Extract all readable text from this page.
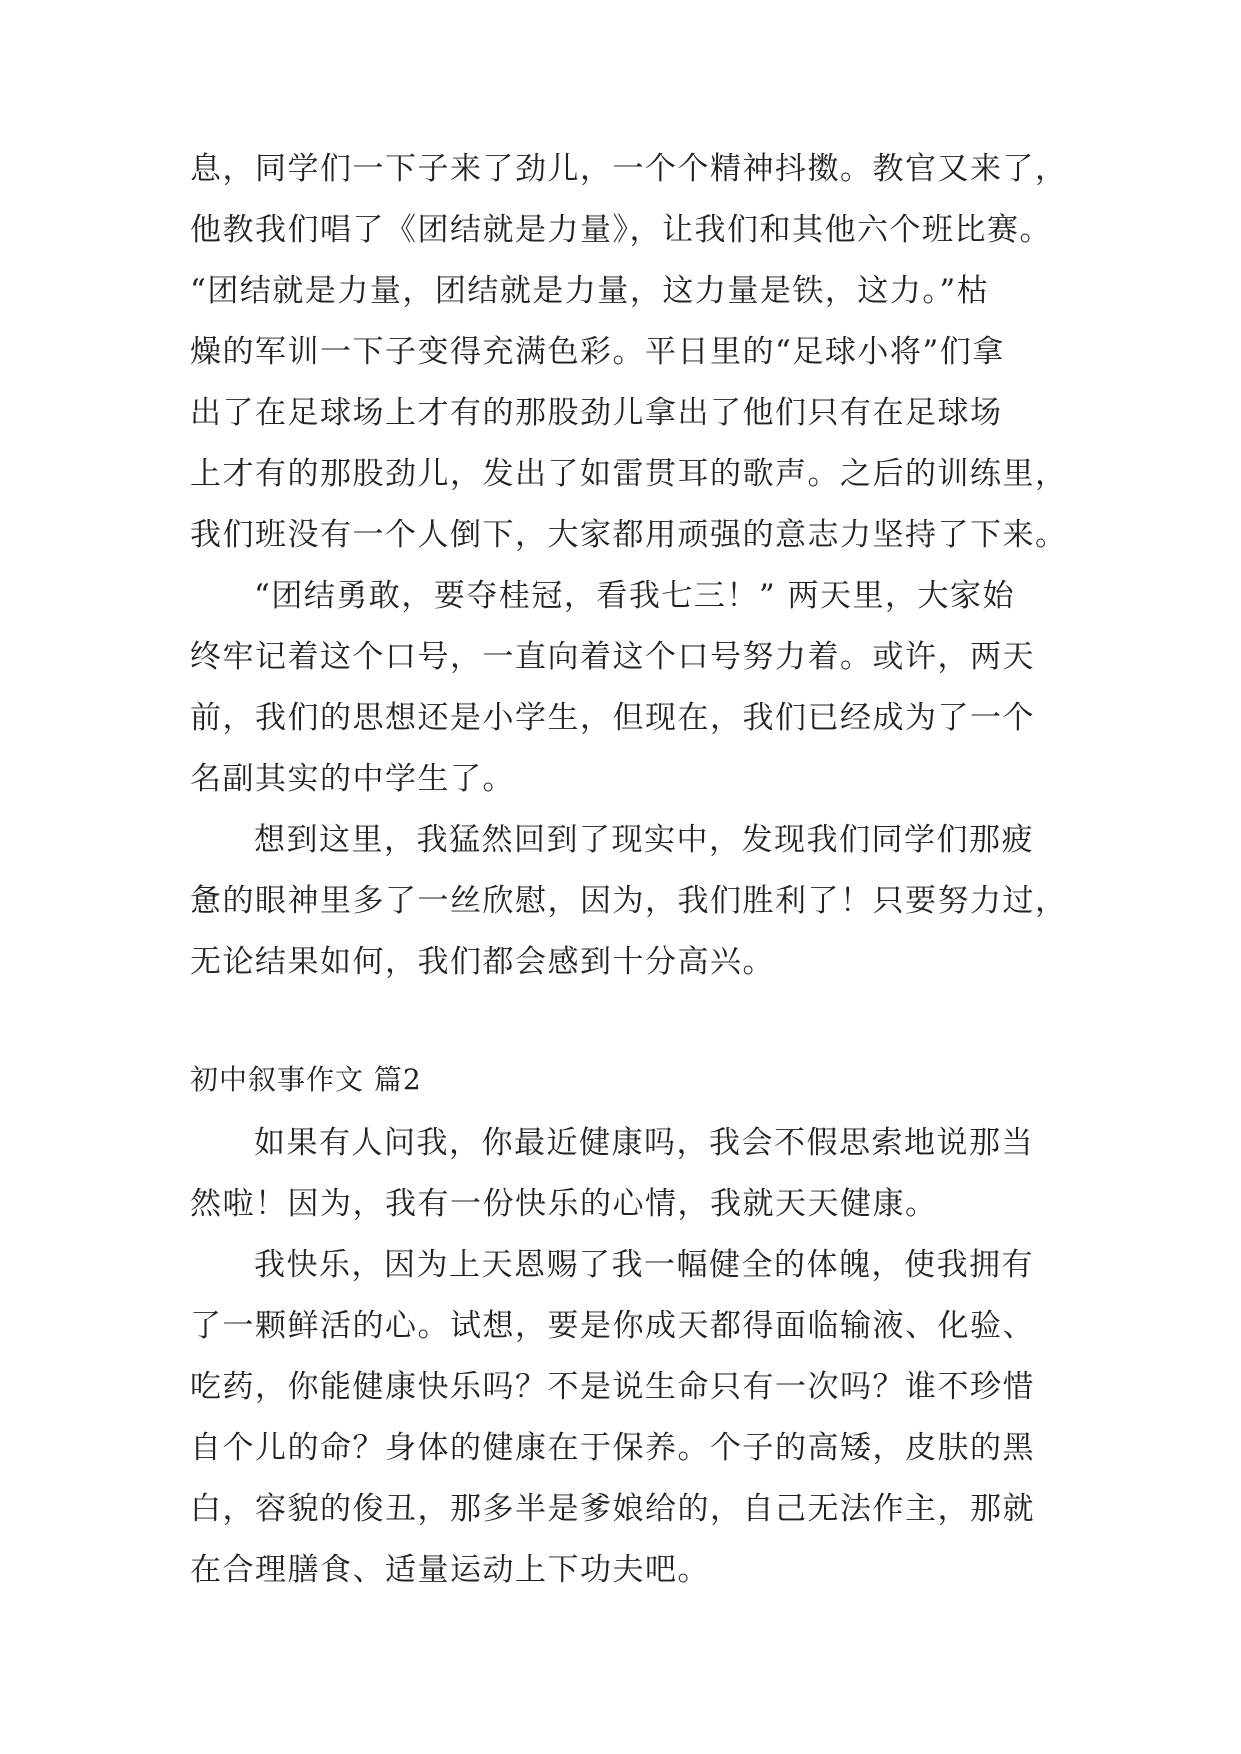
息，同学们一下子来了劲儿，一个个精神抖擞。教官又来了，
他教我们唱了《团结就是力量》，让我们和其他六个班比赛。
“团结就是力量，团结就是力量，这力量是铁，这力。”枯
燥的军训一下子变得充满色彩。平日里的“足球小将”们拿
出了在足球场上才有的那股劲儿拿出了他们只有在足球场
上才有的那股劲儿，发出了如雷贯耳的歌声。之后的训练里，
我们班没有一个人倒下，大家都用顽强的意志力坚持了下来。
“团结勇敢，要夺桂冠，看我七三！” 两天里，大家始
终牢记着这个口号，一直向着这个口号努力着。或许，两天
前，我们的思想还是小学生，但现在，我们已经成为了一个
名副其实的中学生了。
想到这里，我猛然回到了现实中，发现我们同学们那疲
惫的眼神里多了一丝欣慰，因为，我们胜利了！只要努力过，
无论结果如何，我们都会感到十分高兴。
初中叙事作文 篇2
如果有人问我，你最近健康吗，我会不假思索地说那当
然啦！因为，我有一份快乐的心情，我就天天健康。
我快乐，因为上天恩赐了我一幅健全的体魄，使我拥有
了一颗鲜活的心。试想，要是你成天都得面临输液、化验、
吃药，你能健康快乐吗？不是说生命只有一次吗？谁不珍惜
自个儿的命？身体的健康在于保养。个子的高矮，皮肤的黑
白，容貌的俊丑，那多半是爹娘给的，自己无法作主，那就
在合理膳食、适量运动上下功夫吧。
